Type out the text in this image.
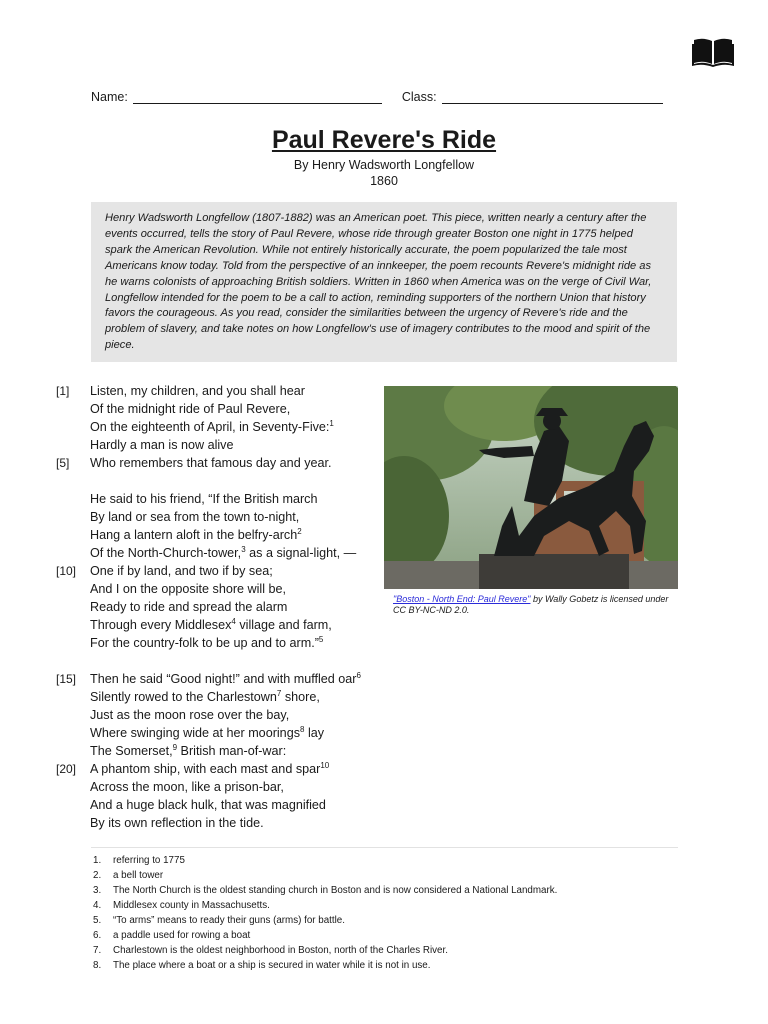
Name:	Class:
Paul Revere's Ride
By Henry Wadsworth Longfellow
1860
Henry Wadsworth Longfellow (1807-1882) was an American poet. This piece, written nearly a century after the events occurred, tells the story of Paul Revere, whose ride through greater Boston one night in 1775 helped spark the American Revolution. While not entirely historically accurate, the poem popularized the tale most Americans know today. Told from the perspective of an innkeeper, the poem recounts Revere's midnight ride as he warns colonists of approaching British soldiers. Written in 1860 when America was on the verge of Civil War, Longfellow intended for the poem to be a call to action, reminding supporters of the northern Union that history favors the courageous. As you read, consider the similarities between the urgency of Revere's ride and the problem of slavery, and take notes on how Longfellow's use of imagery contributes to the mood and spirit of the piece.
Listen, my children, and you shall hear
Of the midnight ride of Paul Revere,
On the eighteenth of April, in Seventy-Five:$^1$
Hardly a man is now alive
Who remembers that famous day and year.
He said to his friend, “If the British march
By land or sea from the town to-night,
Hang a lantern aloft in the belfry-arch$^2$
Of the North-Church-tower,$^3$ as a signal-light, —
One if by land, and two if by sea;
And I on the opposite shore will be,
Ready to ride and spread the alarm
Through every Middlesex$^4$ village and farm,
For the country-folk to be up and to arm.”$^5$
Then he said “Good night!” and with muffled oar$^6$
Silently rowed to the Charlestown$^7$ shore,
Just as the moon rose over the bay,
Where swinging wide at her moorings$^8$ lay
The Somerset,$^9$ British man-of-war:
A phantom ship, with each mast and spar$^{10}$
Across the moon, like a prison-bar,
And a huge black hulk, that was magnified
By its own reflection in the tide.
[1]
[5]
[10]
[15]
[20]
"Boston - North End: Paul Revere" by Wally Gobetz is licensed under CC BY-NC-ND 2.0.
1. referring to 1775
2. a bell tower
3. The North Church is the oldest standing church in Boston and is now considered a National Landmark.
4. Middlesex county in Massachusetts.
5. “To arms” means to ready their guns (arms) for battle.
6. a paddle used for rowing a boat
7. Charlestown is the oldest neighborhood in Boston, north of the Charles River.
8. The place where a boat or a ship is secured in water while it is not in use.
